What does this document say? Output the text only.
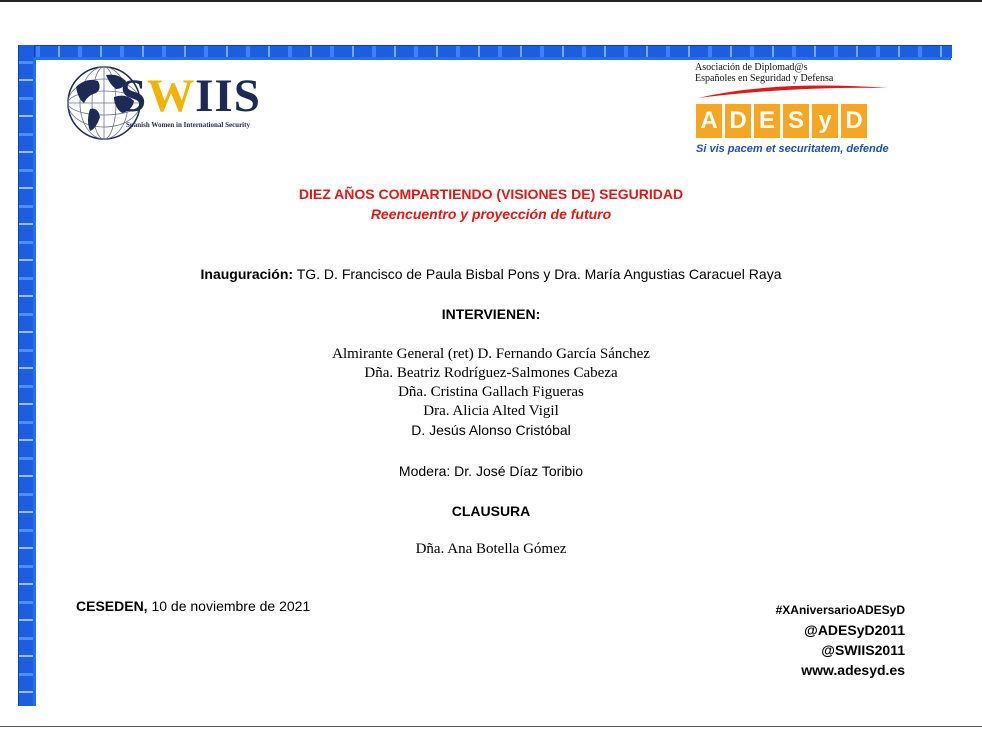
SWIIS
Spanish Women in International Security
Asociación de Diplomad@s
Españoles en Seguridad y Defensa
A D E S y D
Si vis pacem et securitatem, defende
DIEZ AÑOS COMPARTIENDO (VISIONES DE) SEGURIDAD
Reencuentro y proyección de futuro
Inauguración: TG. D. Francisco de Paula Bisbal Pons y Dra. María Angustias Caracuel Raya
INTERVIENEN:
Almirante General (ret) D. Fernando García Sánchez
Dña. Beatriz Rodríguez-Salmones Cabeza
Dña. Cristina Gallach Figueras
Dra. Alicia Alted Vigil
D. Jesús Alonso Cristóbal
Modera: Dr. José Díaz Toribio
CLAUSURA
Dña. Ana Botella Gómez
CESEDEN, 10 de noviembre de 2021	#XAniversarioADESyD
@ADESyD2011
@SWIIS2011
www.adesyd.es
